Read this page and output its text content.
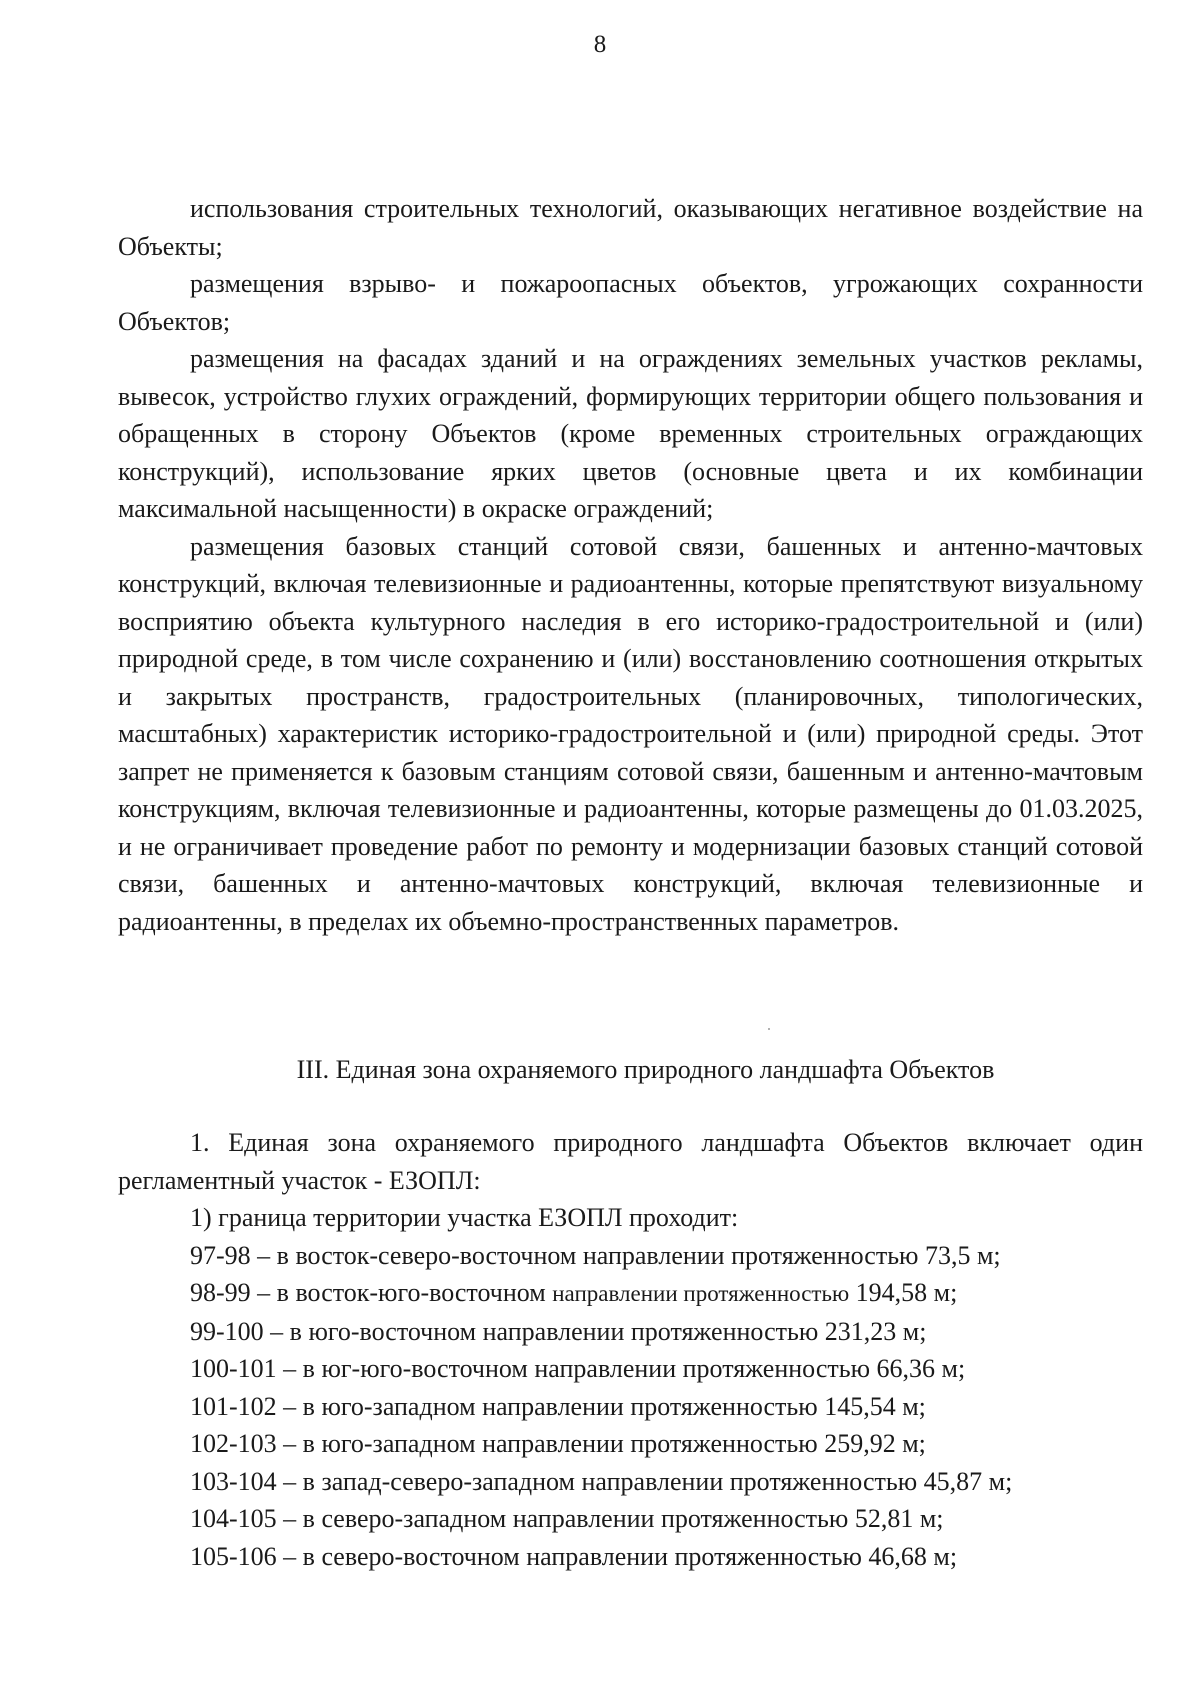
8

использования строительных технологий, оказывающих негативное воздействие на Объекты;

размещения взрыво- и пожароопасных объектов, угрожающих сохранности Объектов;

размещения на фасадах зданий и на ограждениях земельных участков рекламы, вывесок, устройство глухих ограждений, формирующих территории общего пользования и обращенных в сторону Объектов (кроме временных строительных ограждающих конструкций), использование ярких цветов (основные цвета и их комбинации максимальной насыщенности) в окраске ограждений;

размещения базовых станций сотовой связи, башенных и антенно-мачтовых конструкций, включая телевизионные и радиоантенны, которые препятствуют визуальному восприятию объекта культурного наследия в его историко-градостроительной и (или) природной среде, в том числе сохранению и (или) восстановлению соотношения открытых и закрытых пространств, градостроительных (планировочных, типологических, масштабных) характеристик историко-градостроительной и (или) природной среды. Этот запрет не применяется к базовым станциям сотовой связи, башенным и антенно-мачтовым конструкциям, включая телевизионные и радиоантенны, которые размещены до 01.03.2025, и не ограничивает проведение работ по ремонту и модернизации базовых станций сотовой связи, башенных и антенно-мачтовых конструкций, включая телевизионные и радиоантенны, в пределах их объемно-пространственных параметров.

III. Единая зона охраняемого природного ландшафта Объектов

1. Единая зона охраняемого природного ландшафта Объектов включает один регламентный участок - ЕЗОПЛ:

1) граница территории участка ЕЗОПЛ проходит:

97-98 – в восток-северо-восточном направлении протяженностью 73,5 м;

98-99 – в восток-юго-восточном направлении протяженностью 194,58 м;

99-100 – в юго-восточном направлении протяженностью 231,23 м;

100-101 – в юг-юго-восточном направлении протяженностью 66,36 м;

101-102 – в юго-западном направлении протяженностью 145,54 м;

102-103 – в юго-западном направлении протяженностью 259,92 м;

103-104 – в запад-северо-западном направлении протяженностью 45,87 м;

104-105 – в северо-западном направлении протяженностью 52,81 м;

105-106 – в северо-восточном направлении протяженностью 46,68 м;
